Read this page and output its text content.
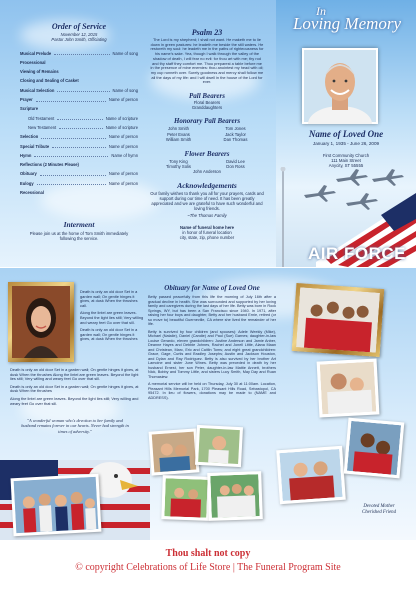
Order of Service
November 12, 2015
Pastor John Smith, Officiating
Musical Prelude	Name of song
Processional
Viewing of Remains
Closing and Sealing of Casket
Musical Selection	Name of song
Prayer	Name of person
Scripture
Old Testament	Name of scripture
New Testament	Name of scripture
Selection	Name of person
Special Tribute	Name of person
Hymn	Name of hymn
Reflections (2 Minutes Please)
Obituary	Name of person
Eulogy	Name of person
Recessional
Interment
Please join us at the home of Tom Smith immediately following the service.
Psalm 23
The Lord is my shepherd; I shall not want. He maketh me to lie down in green pastures: he leadeth me beside the still waters. He restoreth my soul: he leadeth me in the paths of righteousness for his name's sake. Yea, though I walk through the valley of the shadow of death, I will fear no evil: for thou art with me; thy rod and thy staff they comfort me. Thou preparest a table before me in the presence of mine enemies: thou anointest my head with oil; my cup runneth over. Surely goodness and mercy shall follow me all the days of my life: and I will dwell in the house of the Lord for ever.
Pall Bearers
Floral Bearers
Granddaughters
Honorary Pall Bearers
John Smith	Tom Jones
Peter Evans	Jack Taylor
William Smith	Dan Thomas
Flower Bearers
Tony King	David Lee
Timothy Solis	Don Ross
John Anderson
Acknowledgements
Our family wishes to thank you all for your prayers, cards and support during our time of need. It has been greatly appreciated and we are grateful to have such wonderful and loving friends.
~The Thomas Family
Name of funeral home here
in honor of funeral location
city, state, zip, phone number
In
Loving Memory
Name of Loved One
January 1, 1935 - June 26, 2009
First Community Church
111 Main Street
Anycity, ST 55555
AIR FORCE
Death is only an old door Set in a garden wall; On gentle hinges it gives, at dusk When the thrushes call.
Along the lintel are green leaves. Beyond the light lies still; Very willing and weary feet Go over that sill.
Death is only an old door Set in a garden wall; On gentle hinges it gives, at dusk When the thrushes
Death is only an old door Set in a garden wall; On gentle hinges it gives, at dusk When the thrushes Along the lintel are green leaves. Beyond the light lies still; Very willing and weary feet Go over that sill.
Death is only an old door Set in a garden wall; On gentle hinges it gives, at dusk When the thrushes
Along the lintel are green leaves. Beyond the light lies still; Very willing and weary feet Go over that sill.
"A wonderful woman who's devotion to her family and husband remains forever in our hearts. Never had strength in times of adversity."
Obituary for Name of Loved One
Betty passed peacefully from this life the morning of July 16th after a gradual decline in health. She was surrounded and supported by her loving family and caregivers during the last days of her life. Betty was born in Rock Springs, WY, but has been a San Francisco since 1940. In 1971, after raising her four boys and daughter, Betty and her husband Ernie, retired (or so move to) beautiful Guerneville, CA where she lived the remainder of her life.
Betty is survived by four children (and spouses): Adele Weekly (Mike), Michael (Natalie), Daniel (Candie) and Paul (Sue) Garnes; daughter-in-law Louise Gerardo, eleven grandchildren: Justine Anderson and Jamie Anber, Deanne Hayes and Debbie Johnes, Rachel and Jonell Little, Alana Maan and Christean, Marc, Eric and Caitlin Toms; and eight great grandchildren: Grace, Gage, Curtis and Bradley Josephs; Austin and Jackson Houston, and Dylan and Ray Rodriguez. Betty is also survived by her brother Art Lamoine and sister June Wines. Betty was preceded in death by her husband Ernest, her son Peter, daughter-in-law Mattie Annett, brothers Nick, Bobby and Tommy Little, and sisters Lucy Smith, May Day and Ruan Thomasiew.
A memorial service will be held on Thursday, July 30 at 11:00am. Location, Pleasant Hills Memorial Park, 1700 Pleasant Hills Road, Sebastopol, CA 95472. In lieu of flowers, donations may be made to (NAME and ADDRESS).
Devoted Mother
Cherished Friend
Thou shalt not copy
© copyright Celebrations of Life Store | The Funeral Program Site
